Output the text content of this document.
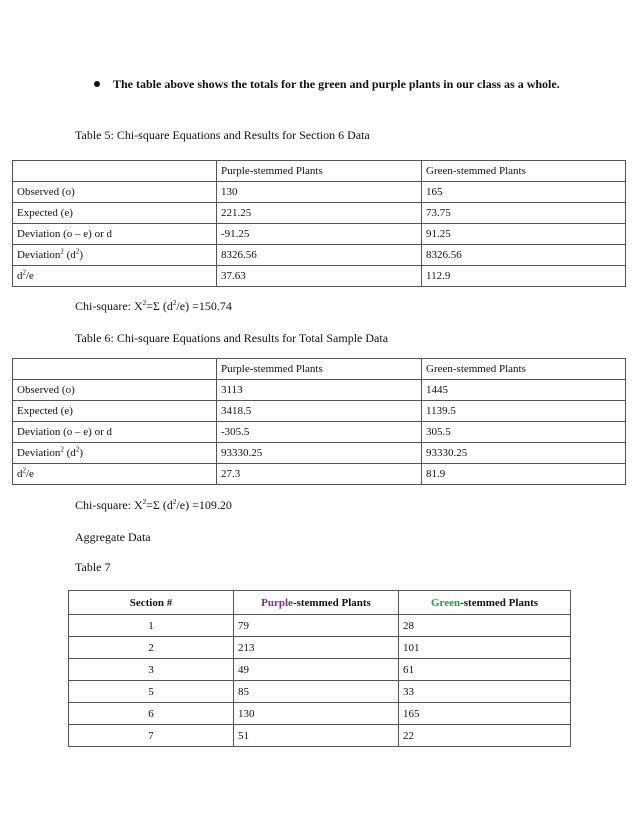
The table above shows the totals for the green and purple plants in our class as a whole.
Table 5: Chi-square Equations and Results for Section 6 Data
	Purple-stemmed Plants	Green-stemmed Plants
Observed (o)	130	165
Expected (e)	221.25	73.75
Deviation (o – e) or d	-91.25	91.25
Deviation$^2$ $(d^2)$	8326.56	8326.56
$d^2/e$	37.63	112.9
Chi-square: $X^2=\Sigma$ $(d^2/e) =150.74$
Table 6: Chi-square Equations and Results for Total Sample Data
	Purple-stemmed Plants	Green-stemmed Plants
Observed (o)	3113	1445
Expected (e)	3418.5	1139.5
Deviation (o – e) or d	-305.5	305.5
Deviation$^2$ $(d^2)$	93330.25	93330.25
$d^2/e$	27.3	81.9
Chi-square: $X^2=\Sigma$ $(d^2/e) =109.20$
Aggregate Data
Table 7
Section #	Purple-stemmed Plants	Green-stemmed Plants
1	79	28
2	213	101
3	49	61
5	85	33
6	130	165
7	51	22
